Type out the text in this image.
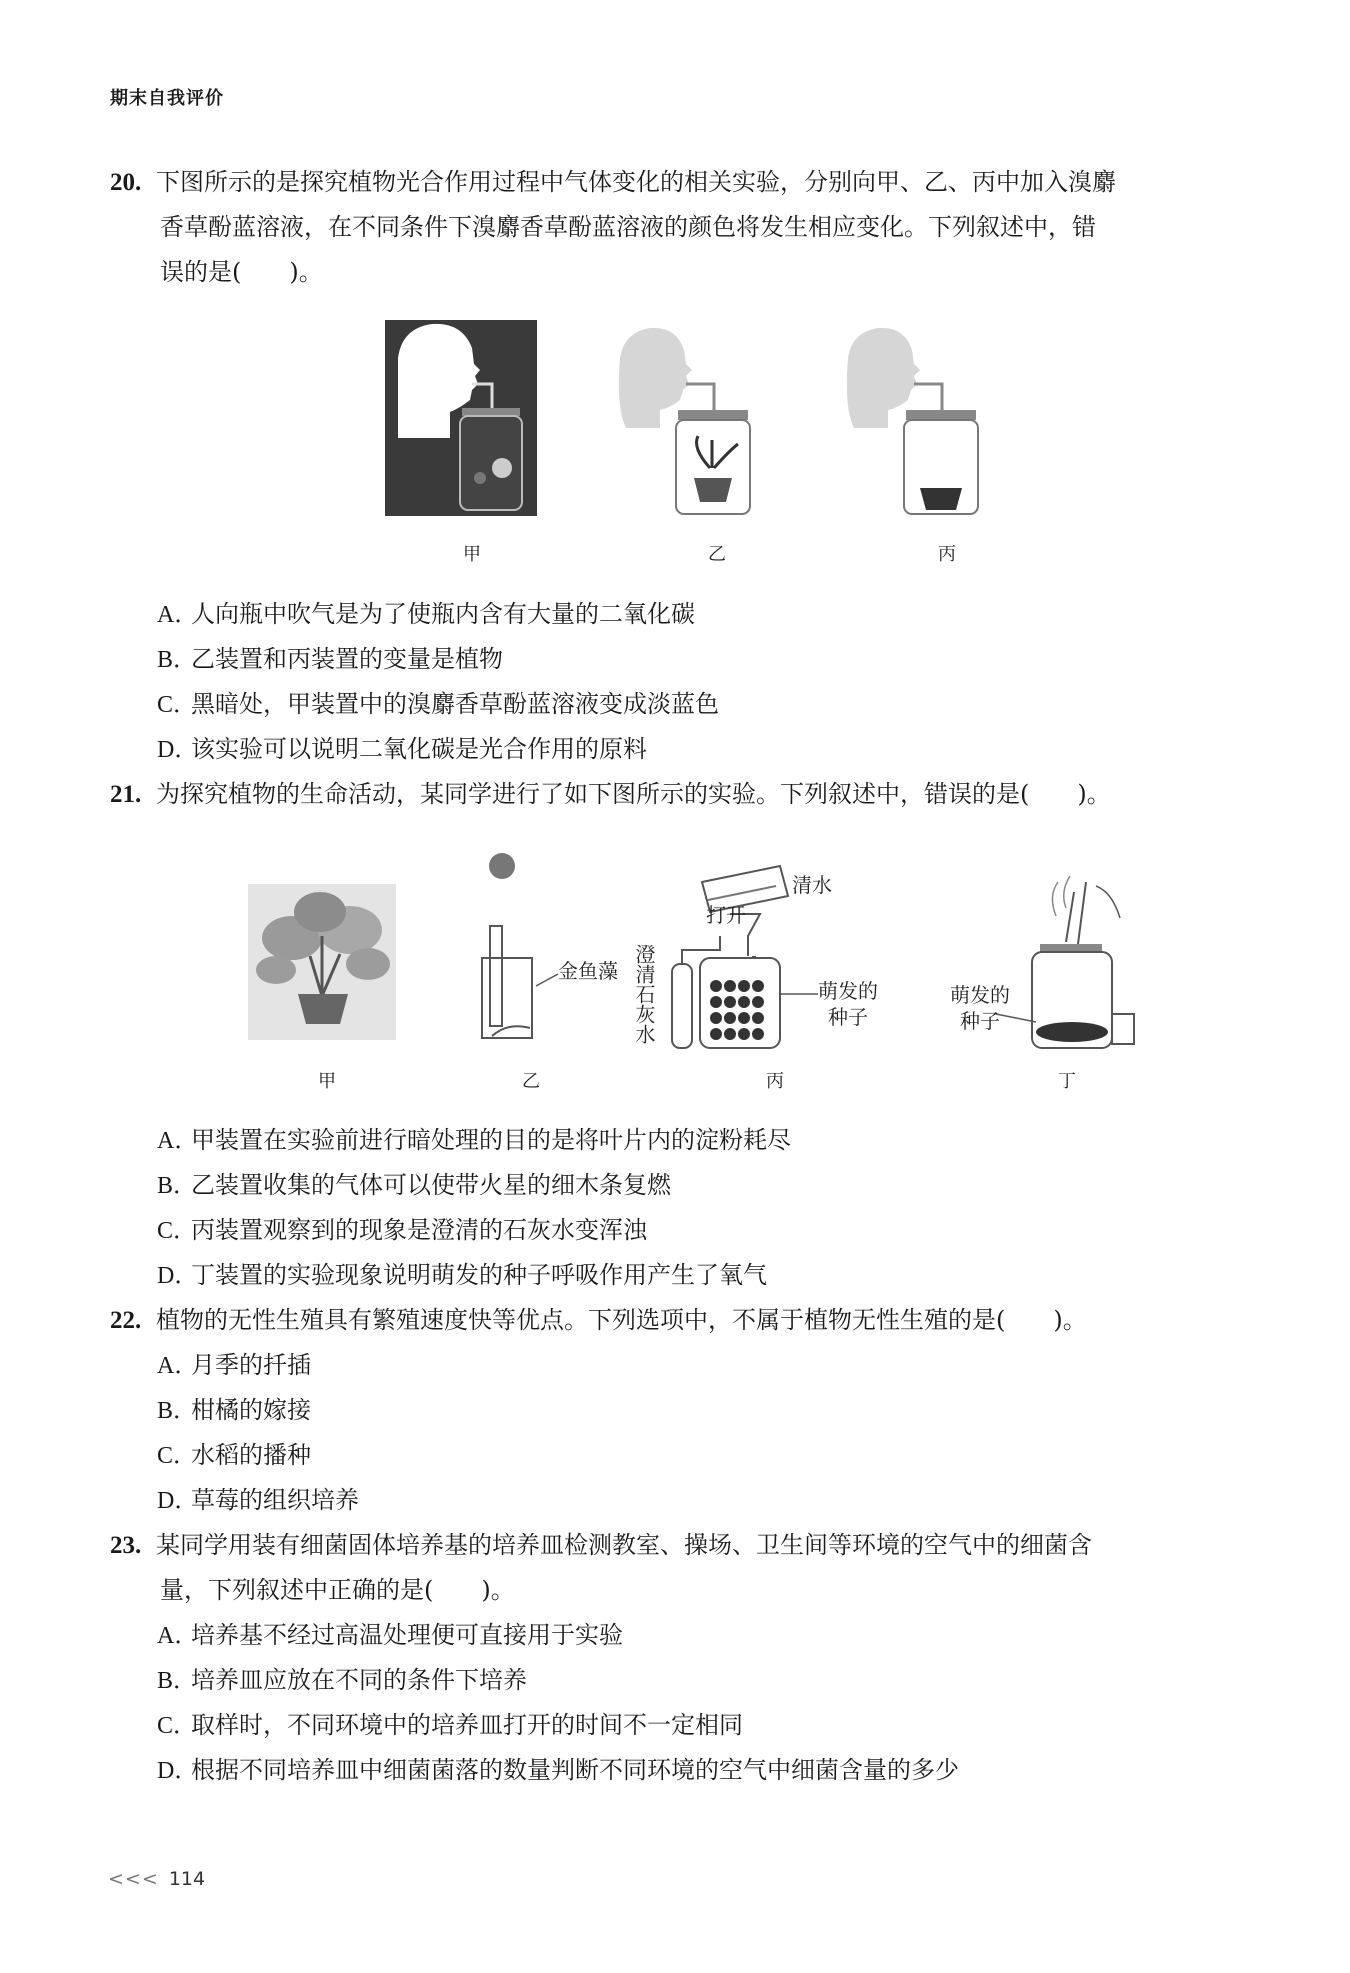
期末自我评价
20. 下图所示的是探究植物光合作用过程中气体变化的相关实验，分别向甲、乙、丙中加入溴麝
香草酚蓝溶液，在不同条件下溴麝香草酚蓝溶液的颜色将发生相应变化。下列叙述中，错
误的是(　　)。
甲	乙	丙
A．人向瓶中吹气是为了使瓶内含有大量的二氧化碳
B．乙装置和丙装置的变量是植物
C．黑暗处，甲装置中的溴麝香草酚蓝溶液变成淡蓝色
D．该实验可以说明二氧化碳是光合作用的原料
21. 为探究植物的生命活动，某同学进行了如下图所示的实验。下列叙述中，错误的是(　　)。
金鱼藻
打开
清水
澄清石灰水	萌发的
种子
萌发的
种子
甲	乙	丙	丁
A．甲装置在实验前进行暗处理的目的是将叶片内的淀粉耗尽
B．乙装置收集的气体可以使带火星的细木条复燃
C．丙装置观察到的现象是澄清的石灰水变浑浊
D．丁装置的实验现象说明萌发的种子呼吸作用产生了氧气
22. 植物的无性生殖具有繁殖速度快等优点。下列选项中，不属于植物无性生殖的是(　　)。
A．月季的扦插
B．柑橘的嫁接
C．水稻的播种
D．草莓的组织培养
23. 某同学用装有细菌固体培养基的培养皿检测教室、操场、卫生间等环境的空气中的细菌含
量，下列叙述中正确的是(　　)。
A．培养基不经过高温处理便可直接用于实验
B．培养皿应放在不同的条件下培养
C．取样时，不同环境中的培养皿打开的时间不一定相同
D．根据不同培养皿中细菌菌落的数量判断不同环境的空气中细菌含量的多少
<<< 114
